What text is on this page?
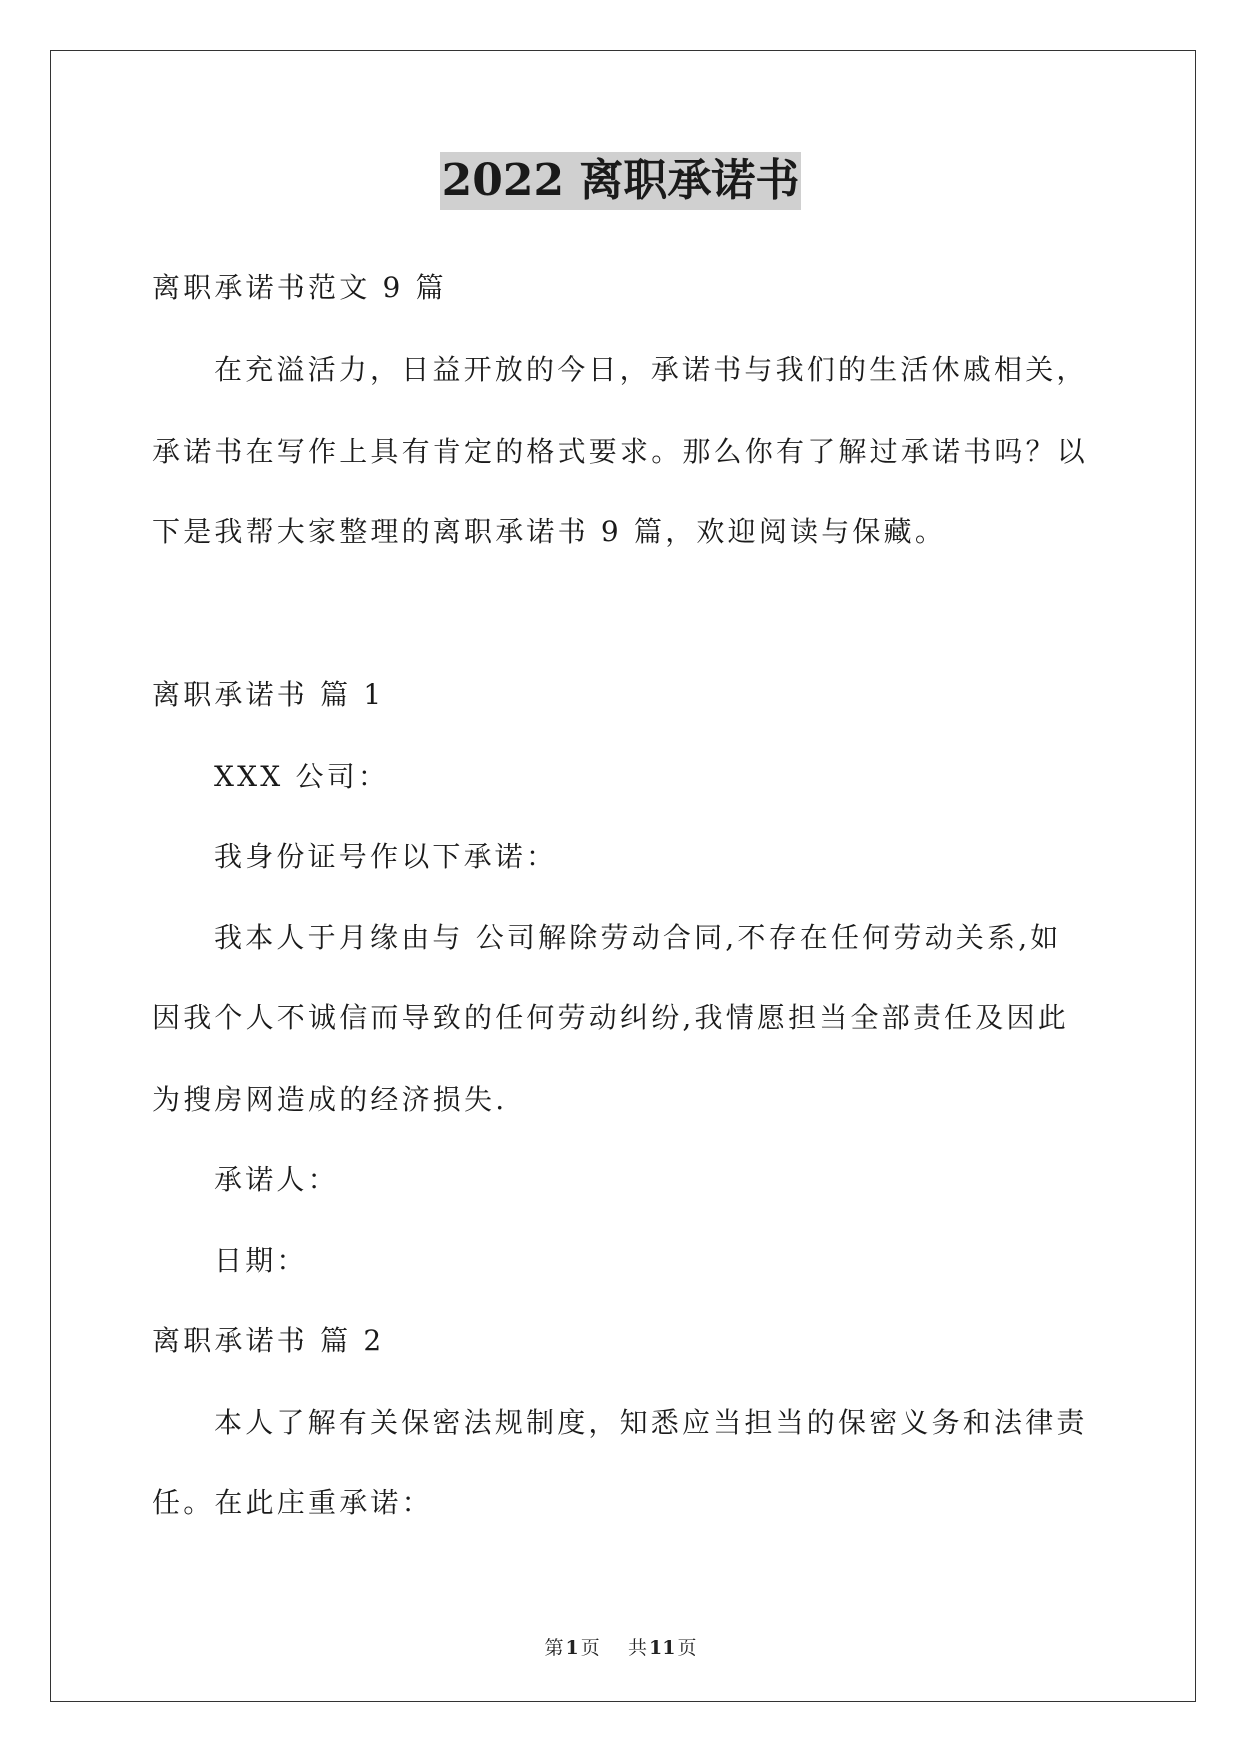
2022 离职承诺书
离职承诺书范文 9 篇
在充溢活力，日益开放的今日，承诺书与我们的生活休戚相关，
承诺书在写作上具有肯定的格式要求。那么你有了解过承诺书吗？以
下是我帮大家整理的离职承诺书 9 篇，欢迎阅读与保藏。
离职承诺书 篇 1
XXX 公司：
我身份证号作以下承诺：
我本人于月缘由与 公司解除劳动合同,不存在任何劳动关系,如
因我个人不诚信而导致的任何劳动纠纷,我情愿担当全部责任及因此
为搜房网造成的经济损失.
承诺人：
日期：
离职承诺书 篇 2
本人了解有关保密法规制度，知悉应当担当的保密义务和法律责
任。在此庄重承诺：
第 1 页 共 11 页
